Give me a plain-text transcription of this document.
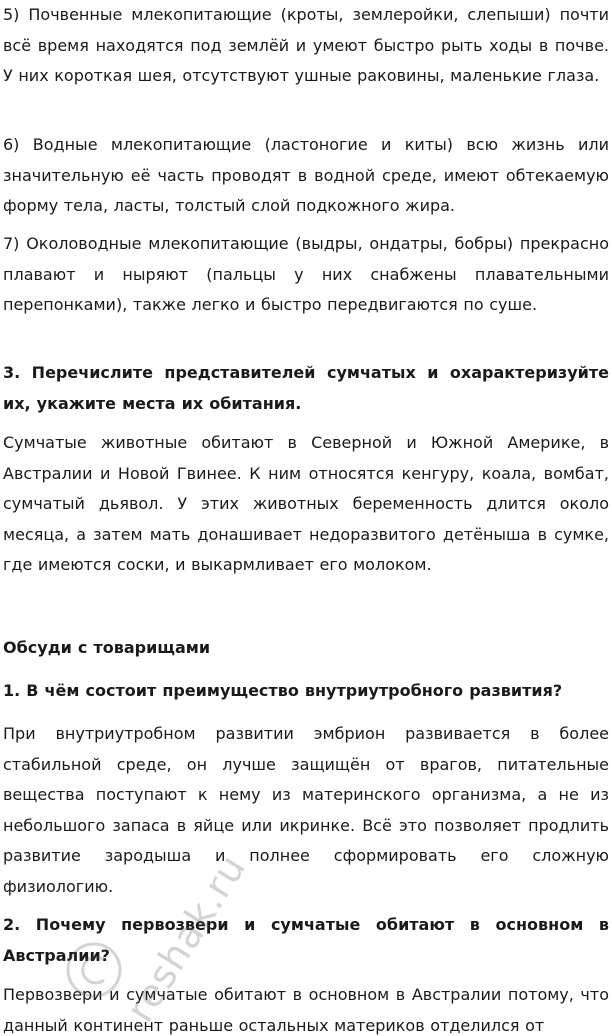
5) Почвенные млекопитающие (кроты, землеройки, слепыши) почти всё время находятся под землёй и умеют быстро рыть ходы в почве. У них короткая шея, отсутствуют ушные раковины, маленькие глаза.

6) Водные млекопитающие (ластоногие и киты) всю жизнь или значительную её часть проводят в водной среде, имеют обтекаемую форму тела, ласты, толстый слой подкожного жира.

7) Околоводные млекопитающие (выдры, ондатры, бобры) прекрасно плавают и ныряют (пальцы у них снабжены плавательными перепонками), также легко и быстро передвигаются по суше.

3. Перечислите представителей сумчатых и охарактеризуйте их, укажите места их обитания.

Сумчатые животные обитают в Северной и Южной Америке, в Австралии и Новой Гвинее. К ним относятся кенгуру, коала, вомбат, сумчатый дьявол. У этих животных беременность длится около месяца, а затем мать донашивает недоразвитого детёныша в сумке, где имеются соски, и выкармливает его молоком.

Обсуди с товарищами

1. В чём состоит преимущество внутриутробного развития?

При внутриутробном развитии эмбрион развивается в более стабильной среде, он лучше защищён от врагов, питательные вещества поступают к нему из материнского организма, а не из небольшого запаса в яйце или икринке. Всё это позволяет продлить развитие зародыша и полнее сформировать его сложную физиологию.

2. Почему первозвери и сумчатые обитают в основном в Австралии?

Первозвери и сумчатые обитают в основном в Австралии потому, что данный континент раньше остальных материков отделился от

reshak.ru
